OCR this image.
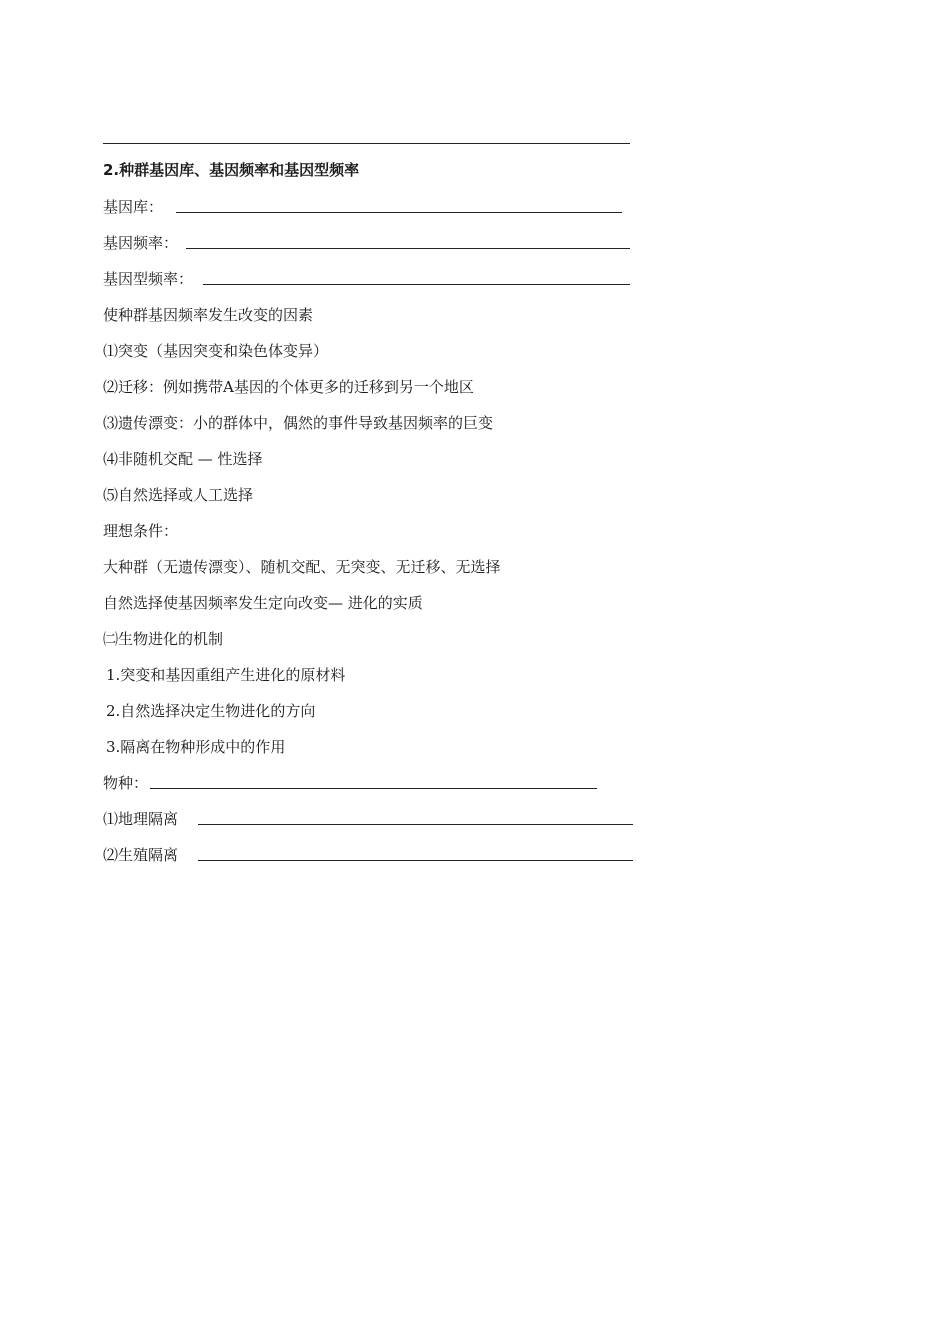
2.种群基因库、基因频率和基因型频率
基因库：
基因频率：
基因型频率：
使种群基因频率发生改变的因素
⑴突变（基因突变和染色体变异）
⑵迁移：例如携带A基因的个体更多的迁移到另一个地区
⑶遗传漂变：小的群体中，偶然的事件导致基因频率的巨变
⑷非随机交配 — 性选择
⑸自然选择或人工选择
理想条件：
大种群（无遗传漂变）、随机交配、无突变、无迁移、无选择
自然选择使基因频率发生定向改变— 进化的实质
㈡生物进化的机制
1.突变和基因重组产生进化的原材料
2.自然选择决定生物进化的方向
3.隔离在物种形成中的作用
物种：
⑴地理隔离
⑵生殖隔离
